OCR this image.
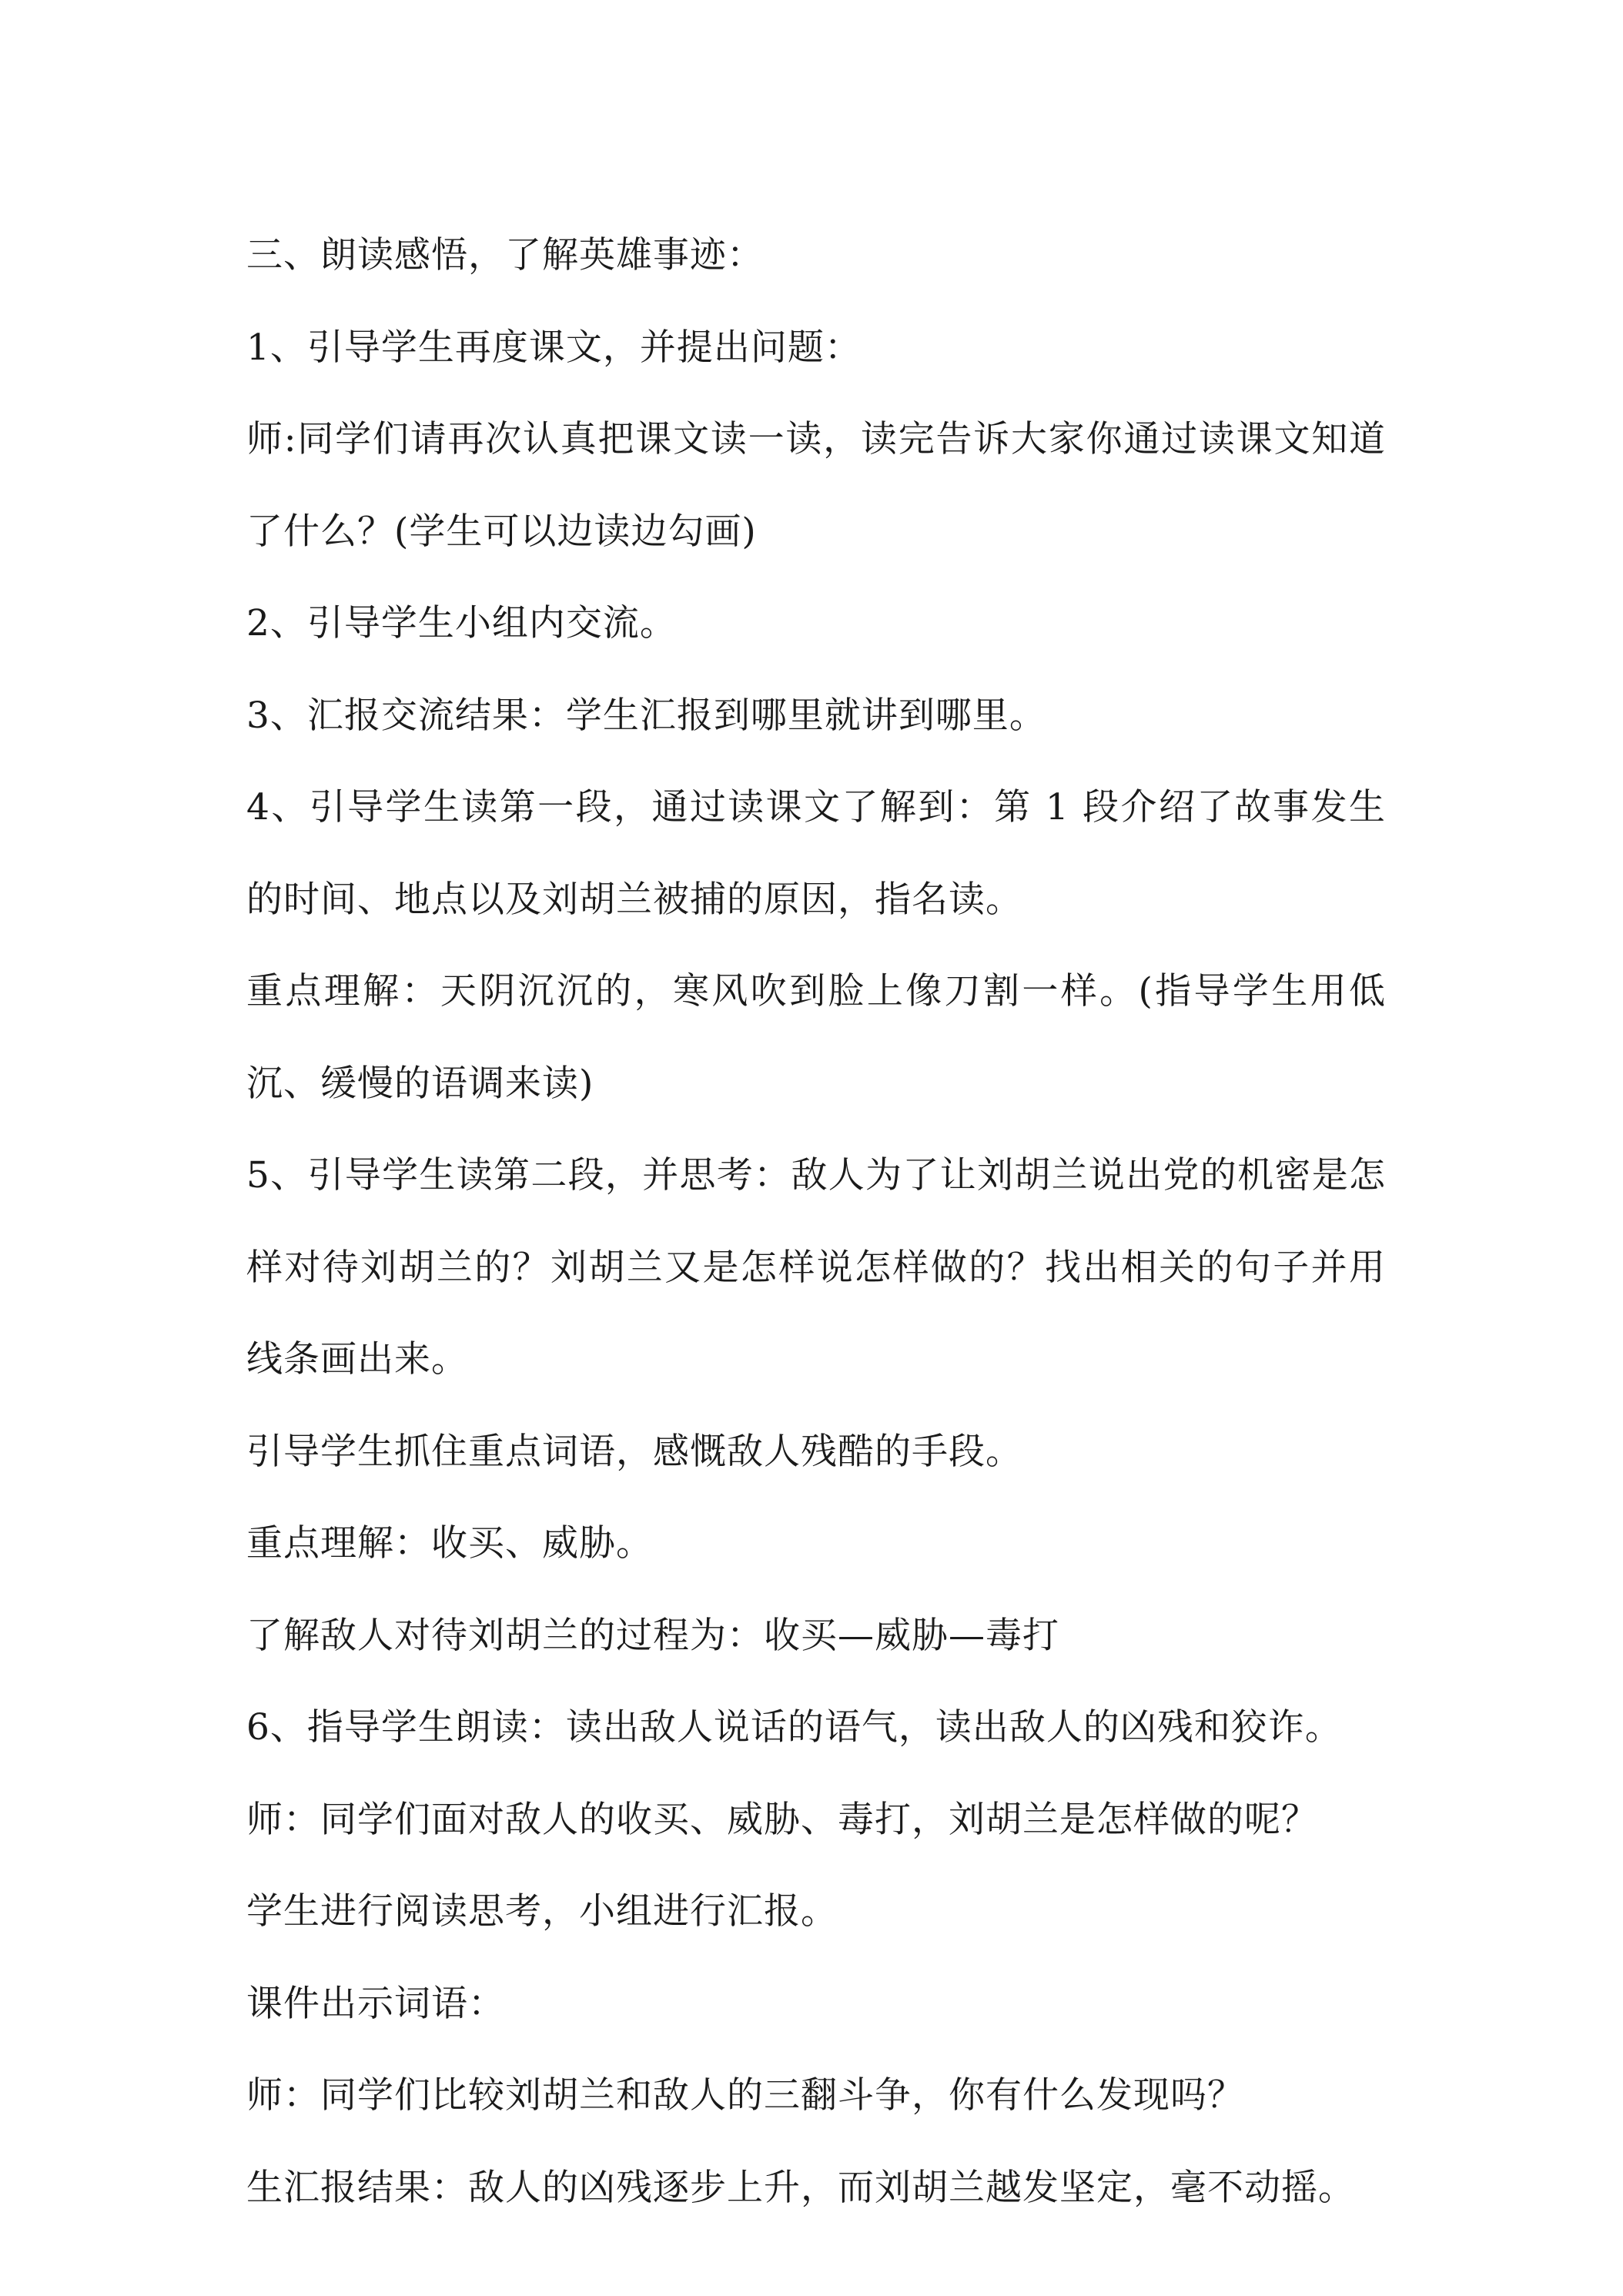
三、朗读感悟，了解英雄事迹：

1、引导学生再度课文，并提出问题：

师:同学们请再次认真把课文读一读，读完告诉大家你通过读课文知道了什么？(学生可以边读边勾画)

2、引导学生小组内交流。

3、汇报交流结果：学生汇报到哪里就讲到哪里。

4、引导学生读第一段，通过读课文了解到：第 1 段介绍了故事发生的时间、地点以及刘胡兰被捕的原因，指名读。

重点理解：天阴沉沉的，寒风吹到脸上像刀割一样。(指导学生用低沉、缓慢的语调来读)

5、引导学生读第二段，并思考：敌人为了让刘胡兰说出党的机密是怎样对待刘胡兰的？刘胡兰又是怎样说怎样做的？找出相关的句子并用线条画出来。

引导学生抓住重点词语，感慨敌人残酷的手段。

重点理解：收买、威胁。

了解敌人对待刘胡兰的过程为：收买—威胁—毒打

6、指导学生朗读：读出敌人说话的语气，读出敌人的凶残和狡诈。

师：同学们面对敌人的收买、威胁、毒打，刘胡兰是怎样做的呢？

学生进行阅读思考，小组进行汇报。

课件出示词语：

师：同学们比较刘胡兰和敌人的三翻斗争，你有什么发现吗？

生汇报结果：敌人的凶残逐步上升，而刘胡兰越发坚定，毫不动摇。
